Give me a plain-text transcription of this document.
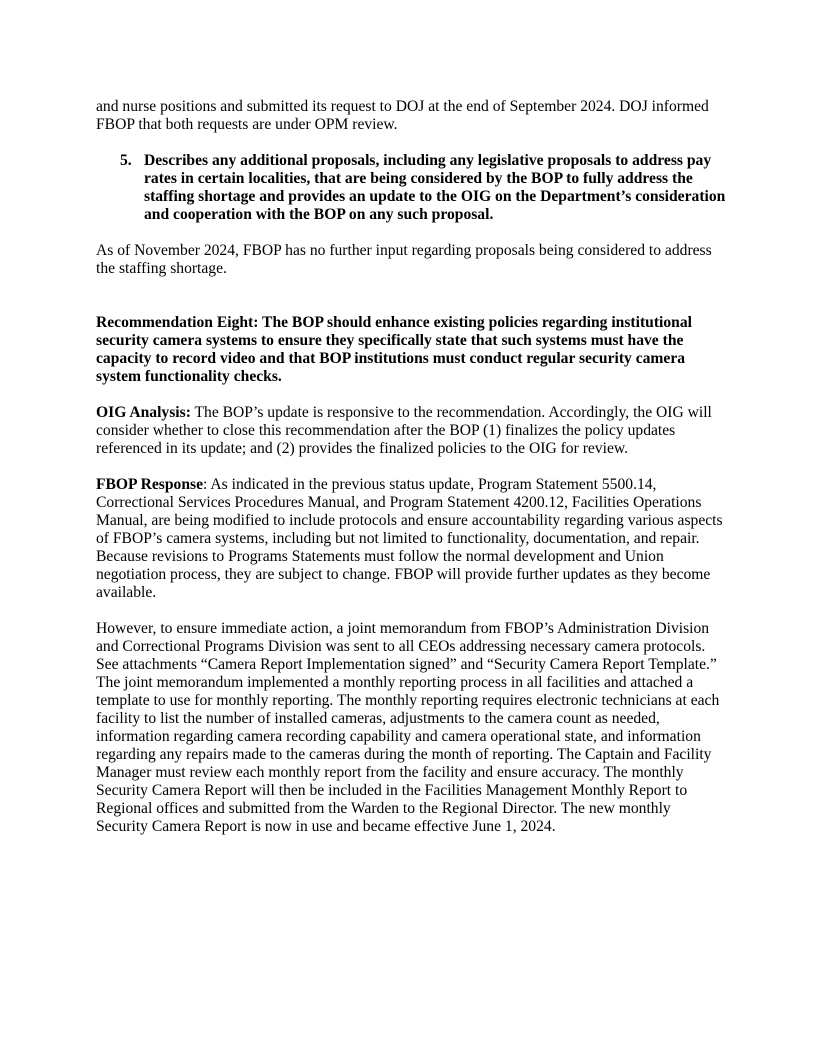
and nurse positions and submitted its request to DOJ at the end of September 2024. DOJ informed FBOP that both requests are under OPM review.

5. Describes any additional proposals, including any legislative proposals to address pay rates in certain localities, that are being considered by the BOP to fully address the staffing shortage and provides an update to the OIG on the Department’s consideration and cooperation with the BOP on any such proposal.

As of November 2024, FBOP has no further input regarding proposals being considered to address the staffing shortage.

Recommendation Eight: The BOP should enhance existing policies regarding institutional security camera systems to ensure they specifically state that such systems must have the capacity to record video and that BOP institutions must conduct regular security camera system functionality checks.

OIG Analysis: The BOP’s update is responsive to the recommendation. Accordingly, the OIG will consider whether to close this recommendation after the BOP (1) finalizes the policy updates referenced in its update; and (2) provides the finalized policies to the OIG for review.

FBOP Response: As indicated in the previous status update, Program Statement 5500.14, Correctional Services Procedures Manual, and Program Statement 4200.12, Facilities Operations Manual, are being modified to include protocols and ensure accountability regarding various aspects of FBOP’s camera systems, including but not limited to functionality, documentation, and repair. Because revisions to Programs Statements must follow the normal development and Union negotiation process, they are subject to change. FBOP will provide further updates as they become available.

However, to ensure immediate action, a joint memorandum from FBOP’s Administration Division and Correctional Programs Division was sent to all CEOs addressing necessary camera protocols. See attachments “Camera Report Implementation signed” and “Security Camera Report Template.” The joint memorandum implemented a monthly reporting process in all facilities and attached a template to use for monthly reporting. The monthly reporting requires electronic technicians at each facility to list the number of installed cameras, adjustments to the camera count as needed, information regarding camera recording capability and camera operational state, and information regarding any repairs made to the cameras during the month of reporting. The Captain and Facility Manager must review each monthly report from the facility and ensure accuracy. The monthly Security Camera Report will then be included in the Facilities Management Monthly Report to Regional offices and submitted from the Warden to the Regional Director. The new monthly Security Camera Report is now in use and became effective June 1, 2024.
